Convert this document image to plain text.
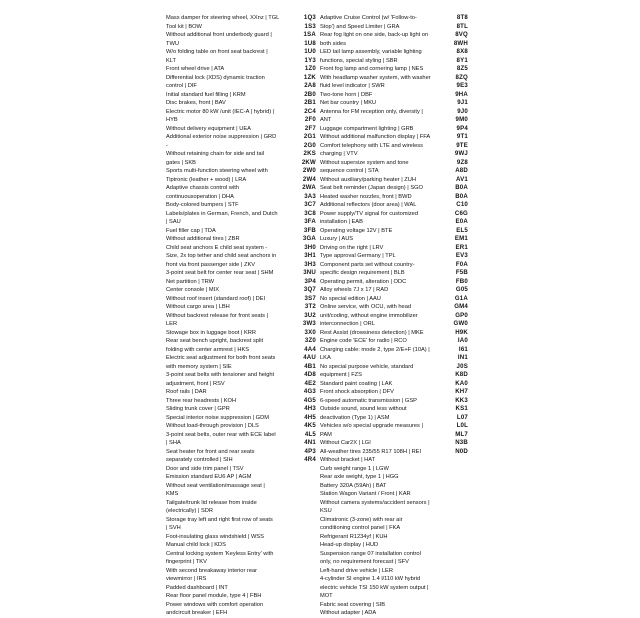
Mass damper for steering wheel, XXnz | TGL
Tool kit | BOW
Without additional front underbody guard |
TWU
W/o folding table on front seat backrest |
KLT
Front wheel drive | ATA
Differential lock (XDS) dynamic traction
control | DIF
Initial standard fuel filling | KRM
Disc brakes, front | BAV
Electric motor 80 kW /unit (IEC-A | hybrid) |
HYB
Without delivery equipment | UEA
Additional exterior noise suppression | GRD
-
Without retaining chain for side and tail
gates | SKB
Sports multi-function steering wheel with
Tiptronic (leather + wood) | LRA
Adaptive chassis control with
continuousoperation | DHA
Body-colored bumpers | STF
Labels/plates in German, French, and Dutch
| SAU
Fuel filler cap | TDA
Without additional tires | ZBR
Child seat anchors E child seat system -
Size, 2x top tether and child seat anchors in
front via front passenger side | ZKV
3-point seat belt for center rear seat | SHM
Net partition | TRW
Center console | MIX
Without roof insert (standard roof) | DEI
Without cargo area | LBH
Without backrest release for front seats |
LER
Stowage box in luggage boot | KRR
Rear seat bench upright, backrest split
folding with center armrest | HKS
Electric seat adjustment for both front seats
with memory system | SIE
3-point seat belts with tensioner and height
adjustment, front | RSV
Roof rails | DAR
Three rear headrests | KOH
Sliding trunk cover | GPR
Special interior noise suppression | GDM
Without load-through provision | DLS
3-point seat belts, outer rear with ECE label
| SHA
Seat heater for front and rear seats
separately controlled | SIH
Door and side trim panel | TSV
Emission standard EU6 AP | AGM
Without seat ventilation/massage seat |
KMS
Tailgate/trunk lid release from inside
(electrically) | SDR
Storage tray left and right first row of seats
| SVH
Foot-insulating glass windshield | WSS
Manual child lock | KDS
Central locking system 'Keyless Entry' with
fingerprint | TKV
With second breakaway interior rear
viewmirror | IRS
Padded dashboard | INT
Rear floor panel module, type 4 | FBH
Power windows with comfort operation
andcircuit breaker | EFH
1Q3
1S3
1SA
1U8
1U0
1Y3
1Z0
1ZK
2A8
2B0
2B1
2C4
2F0
2F7
2G1
2G0
2KS
2KW
2W0
2W4
2WA
3A3
3C7
3C8
3FA
3FB
3GA
3H0
3H1
3H3
3NU
3P4
3Q7
3S7
3T2
3U2
3W3
3X0
3Z0
4A4
4AU
4B1
4D8
4E2
4G3
4G5
4H3
4H5
4K5
4L5
4N1
4P3
4R4
Adaptive Cruise Control (w/ 'Follow-to-
Stop') and Speed Limiter | GRA
Rear fog light on one side, back-up light on
both sides
LED tail lamp assembly, variable lighting
functions, special styling | SBR
Front fog lamp and cornering lamp | NES
With headlamp washer system, with washer
fluid level indicator | SWR
Two-tone horn | DBF
Net bar country | MKU
Antenna for FM reception only, diversity |
ANT
Luggage compartment lighting | GRB
Without additional malfunction display | FFA
Comfort telephony with LTE and wireless
charging | VTV
Without supersize system and tone
sequence control | STA
Without auxiliary/parking heater | ZUH
Seat belt reminder (Japan design) | SGO
Heated washer nozzles, front | BWD
Additional reflectors (door area) | WAL
Power supply/TV signal for customized
installation | EAB
Operating voltage 12V | BTE
Luxury | AUS
Driving on the right | LRV
Type approval Germany | TPL
Component parts set without country-
specific design requirement | BLB
Operating permit, alteration | ODC
Alloy wheels 7J x 17 | RAD
No special edition | AAU
Online service, with OCU, with head
unit/coding, without engine immobilizer
interconnection | ORL
Rest Assist (drowsiness detection) | MKE
Engine code 'ECE' for radio | RCO
Charging cable: mode 2, type 2/E+F (10A) |
LKA
No special purpose vehicle, standard
equipment | FZS
Standard paint coating | LAK
Front shock absorption | DFV
6-speed automatic transmission | GSP
Outside sound, sound less without
deactivation (Type 1) | ASM
Vehicles w/o special upgrade measures |
PAM
Without Car2X | LGI
All-weather tires 235/55 R17 108H | REI
Without bracket | HAT
Curb weight range 1 | LGW
Rear axle weight, type 1 | HGG
Battery 320A (59Ah) | BAT
Station Wagon Variant / Front | KAR
Without camera systems/accident sensors |
KSU
Climatronic (3-zone) with rear air
conditioning control panel | FKA
Refrigerant R1234yf | KUH
Head-up display | HUD
Suspension range 07 installation control
only, no requirement forecast | SFV
Left-hand drive vehicle | LER
4-cylinder SI engine 1.4 l/110 kW hybrid
electric vehicle TSI 150 kW system output |
MOT
Fabric seat covering | SIB
Without adapter | ADA
8T8
8TL
8VQ
8WH
8X8
8Y1
8Z5
8ZQ
9E3
9HA
9J1
9J0
9M0
9P4
9T1
9TE
9WJ
9Z8
A8D
AV1
B0A
B0A
C10
C6G
E0A
EL5
EM1
ER1
EV3
F0A
F5B
FB0
G05
G1A
GM4
GP0
GW0
H9K
IA0
I61
IN1
J0S
K8D
KA0
KH7
KK3
KS1
L07
L0L
ML7
N3B
N0D
